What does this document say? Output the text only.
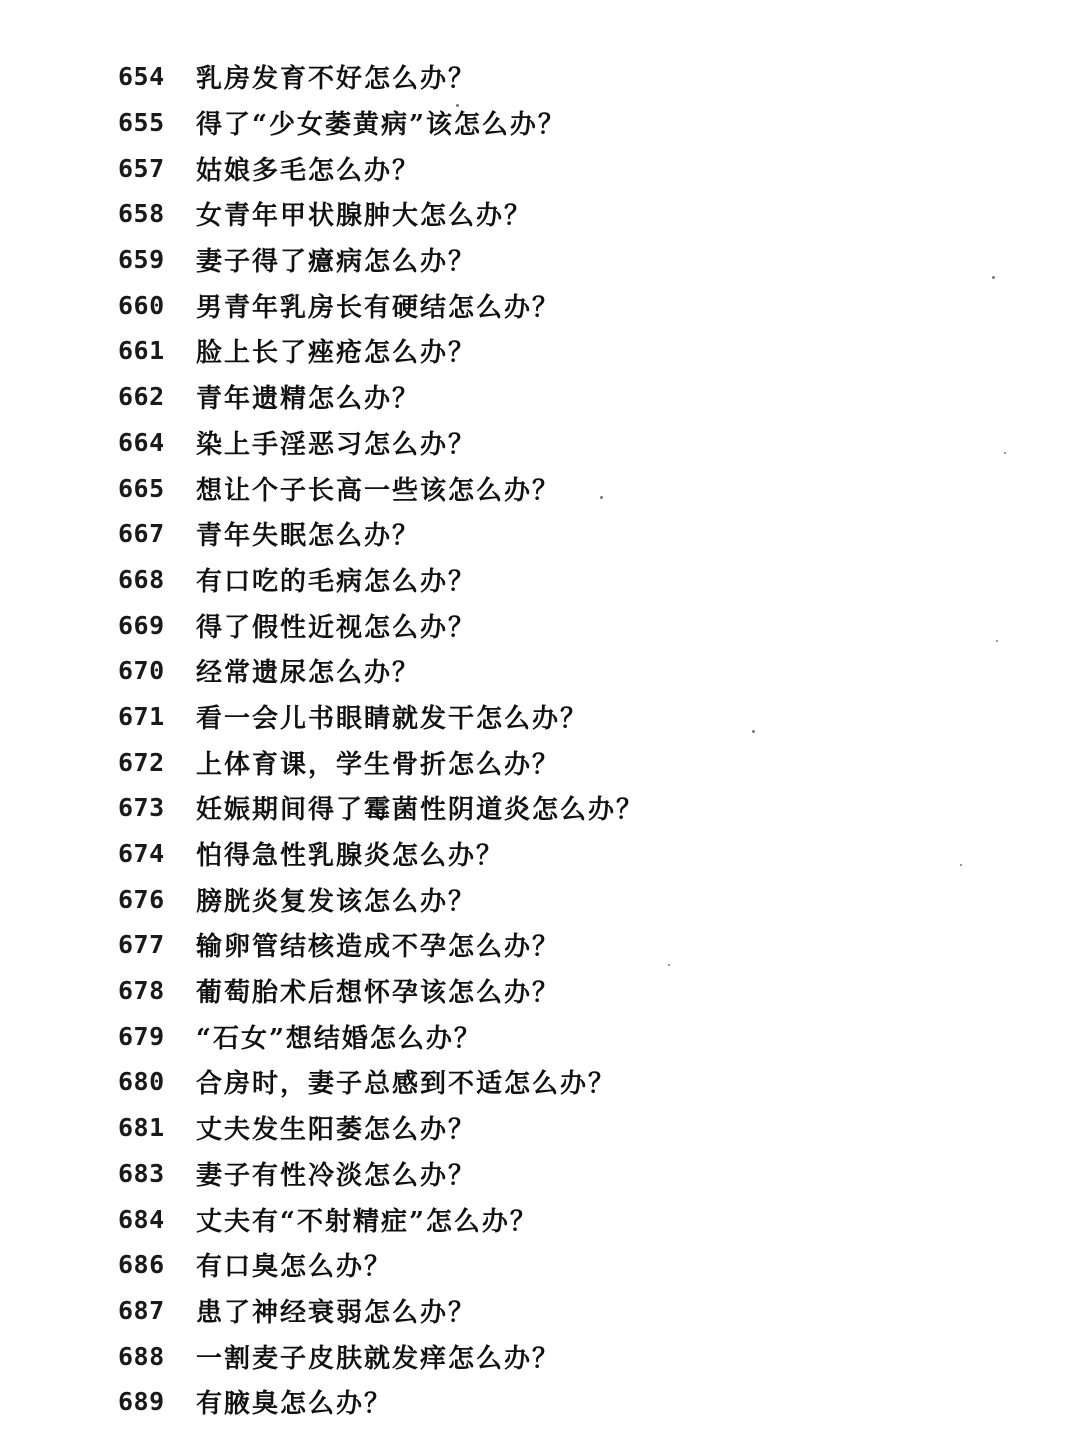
654	乳房发育不好怎么办？
655	得了“少女萎黄病”该怎么办？
657	姑娘多毛怎么办？
658	女青年甲状腺肿大怎么办？
659	妻子得了癔病怎么办？
660	男青年乳房长有硬结怎么办？
661	脸上长了痤疮怎么办？
662	青年遗精怎么办？
664	染上手淫恶习怎么办？
665	想让个子长高一些该怎么办？
667	青年失眠怎么办？
668	有口吃的毛病怎么办？
669	得了假性近视怎么办？
670	经常遗尿怎么办？
671	看一会儿书眼睛就发干怎么办？
672	上体育课，学生骨折怎么办？
673	妊娠期间得了霉菌性阴道炎怎么办？
674	怕得急性乳腺炎怎么办？
676	膀胱炎复发该怎么办？
677	输卵管结核造成不孕怎么办？
678	葡萄胎术后想怀孕该怎么办？
679	“石女”想结婚怎么办？
680	合房时，妻子总感到不适怎么办？
681	丈夫发生阳萎怎么办？
683	妻子有性冷淡怎么办？
684	丈夫有“不射精症”怎么办？
686	有口臭怎么办？
687	患了神经衰弱怎么办？
688	一割麦子皮肤就发痒怎么办？
689	有腋臭怎么办？
